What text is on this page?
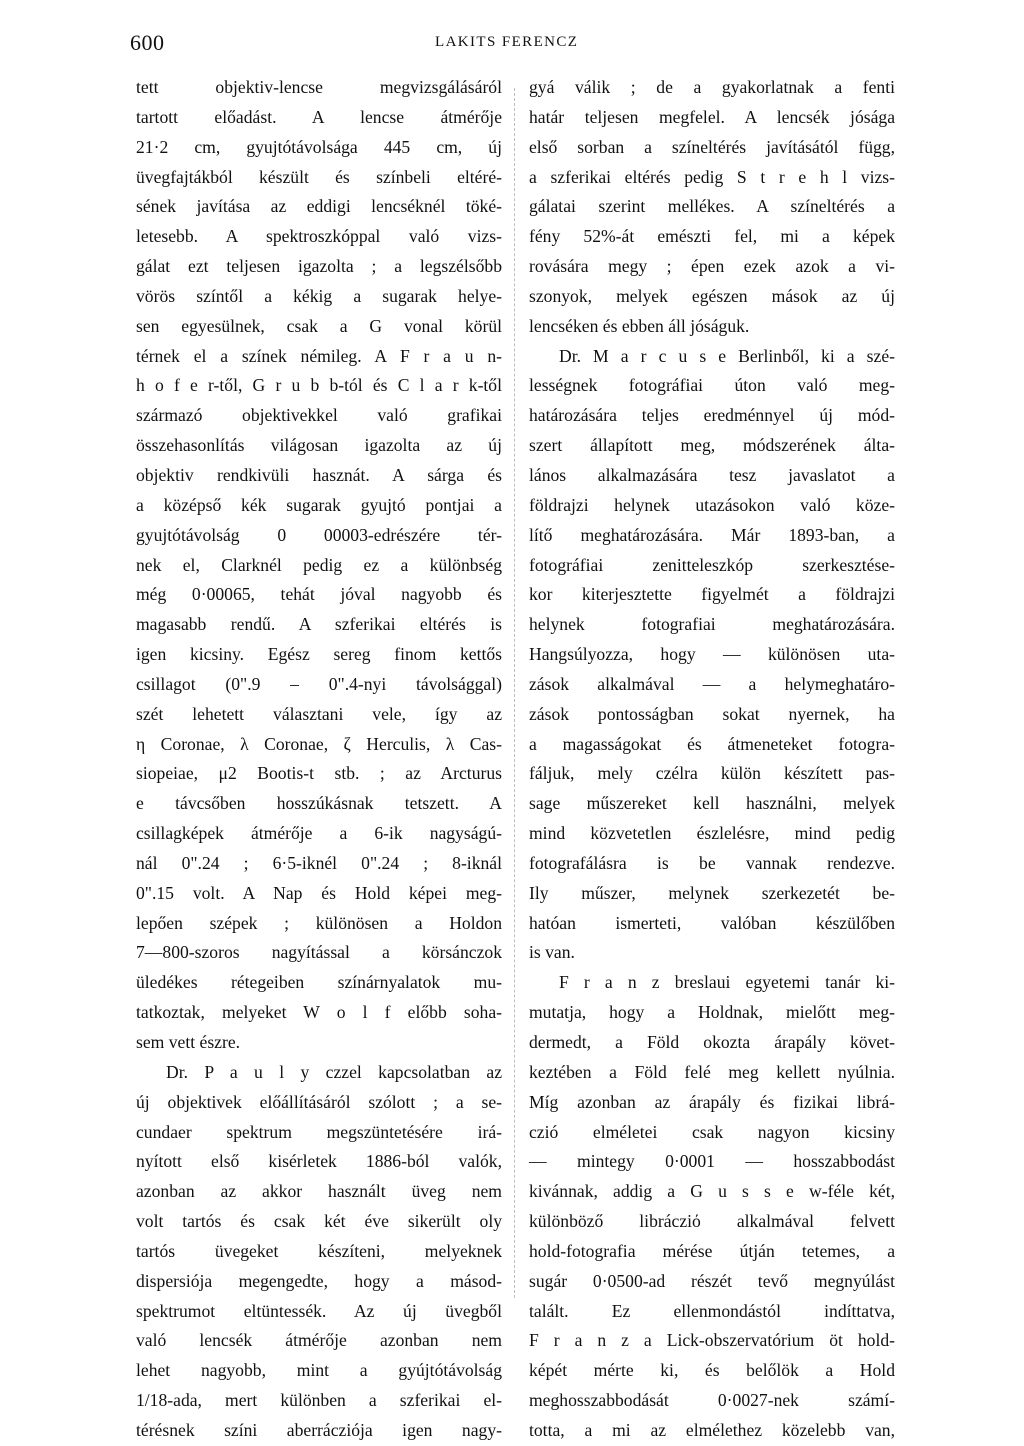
600	LAKITS FERENCZ
tett objektiv-lencse megvizsgálásáról
tartott előadást. A lencse átmérője
21·2 cm, gyujtótávolsága 445 cm, új
üvegfajtákból készült és színbeli eltéré-
sének javítása az eddigi lencséknél töké-
letesebb. A spektroszkóppal való vizs-
gálat ezt teljesen igazolta ; a legszélsőbb
vörös színtől a kékig a sugarak helye-
sen egyesülnek, csak a G vonal körül
térnek el a színek némileg. A F r a u n-
h o f e r-től, G r u b b-tól és C l a r k-től
származó objektivekkel való grafikai
összehasonlítás világosan igazolta az új
objektiv rendkivüli hasznát. A sárga és
a középső kék sugarak gyujtó pontjai a
gyujtótávolság 0 00003-edrészére tér-
nek el, Clarknél pedig ez a különbség
még 0·00065, tehát jóval nagyobb és
magasabb rendű. A szferikai eltérés is
igen kicsiny. Egész sereg finom kettős
csillagot (0".9 – 0".4-nyi távolsággal)
szét lehetett választani vele, így az
η Coronae, λ Coronae, ζ Herculis, λ Cas-
siopeiae, μ2 Bootis-t stb. ; az Arcturus
e távcsőben hosszúkásnak tetszett. A
csillagképek átmérője a 6-ik nagyságú-
nál 0".24 ; 6·5-iknél 0".24 ; 8-iknál
0".15 volt. A Nap és Hold képei meg-
lepően szépek ; különösen a Holdon
7—800-szoros nagyítással a körsánczok
üledékes rétegeiben színárnyalatok mu-
tatkoztak, melyeket W o l f előbb soha-
sem vett észre.
Dr. P a u l y czzel kapcsolatban az
új objektivek előállításáról szólott ; a se-
cundaer spektrum megszüntetésére irá-
nyított első kisérletek 1886-ból valók,
azonban az akkor használt üveg nem
volt tartós és csak két éve sikerült oly
tartós üvegeket készíteni, melyeknek
dispersiója megengedte, hogy a másod-
spektrumot eltüntessék. Az új üvegből
való lencsék átmérője azonban nem
lehet nagyobb, mint a gyújtótávolság
1/18-ada, mert különben a szferikai el-
térésnek színi aberrácziója igen nagy-
gyá válik ; de a gyakorlatnak a fenti
határ teljesen megfelel. A lencsék jósága
első sorban a színeltérés javításától függ,
a szferikai eltérés pedig S t r e h l vizs-
gálatai szerint mellékes. A színeltérés a
fény 52%-át emészti fel, mi a képek
rovására megy ; épen ezek azok a vi-
szonyok, melyek egészen mások az új
lencséken és ebben áll jóságuk.
Dr. M a r c u s e Berlinből, ki a szé-
lességnek fotográfiai úton való meg-
határozására teljes eredménnyel új mód-
szert állapított meg, módszerének álta-
lános alkalmazására tesz javaslatot a
földrajzi helynek utazásokon való köze-
lítő meghatározására. Már 1893-ban, a
fotográfiai zenitteleszkóp szerkesztése-
kor kiterjesztette figyelmét a földrajzi
helynek fotografiai meghatározására.
Hangsúlyozza, hogy — különösen uta-
zások alkalmával — a helymeghatáro-
zások pontosságban sokat nyernek, ha
a magasságokat és átmeneteket fotogra-
fáljuk, mely czélra külön készített pas-
sage műszereket kell használni, melyek
mind közvetetlen észlelésre, mind pedig
fotografálásra is be vannak rendezve.
Ily műszer, melynek szerkezetét be-
hatóan ismerteti, valóban készülőben
is van.
F r a n z breslaui egyetemi tanár ki-
mutatja, hogy a Holdnak, mielőtt meg-
dermedt, a Föld okozta árapály követ-
keztében a Föld felé meg kellett nyúlnia.
Míg azonban az árapály és fizikai librá-
czió elméletei csak nagyon kicsiny
— mintegy 0·0001 — hosszabbodást
kivánnak, addig a G u s s e w-féle két,
különböző librácziό alkalmával felvett
hold-fotografia mérése útján tetemes, a
sugár 0·0500-ad részét tevő megnyúlást
talált. Ez ellenmondástól indíttatva,
F r a n z a Lick-obszervatórium öt hold-
képét mérte ki, és belőlök a Hold
meghosszabbodását 0·0027-nek számí-
totta, a mi az elmélethez közelebb van,
